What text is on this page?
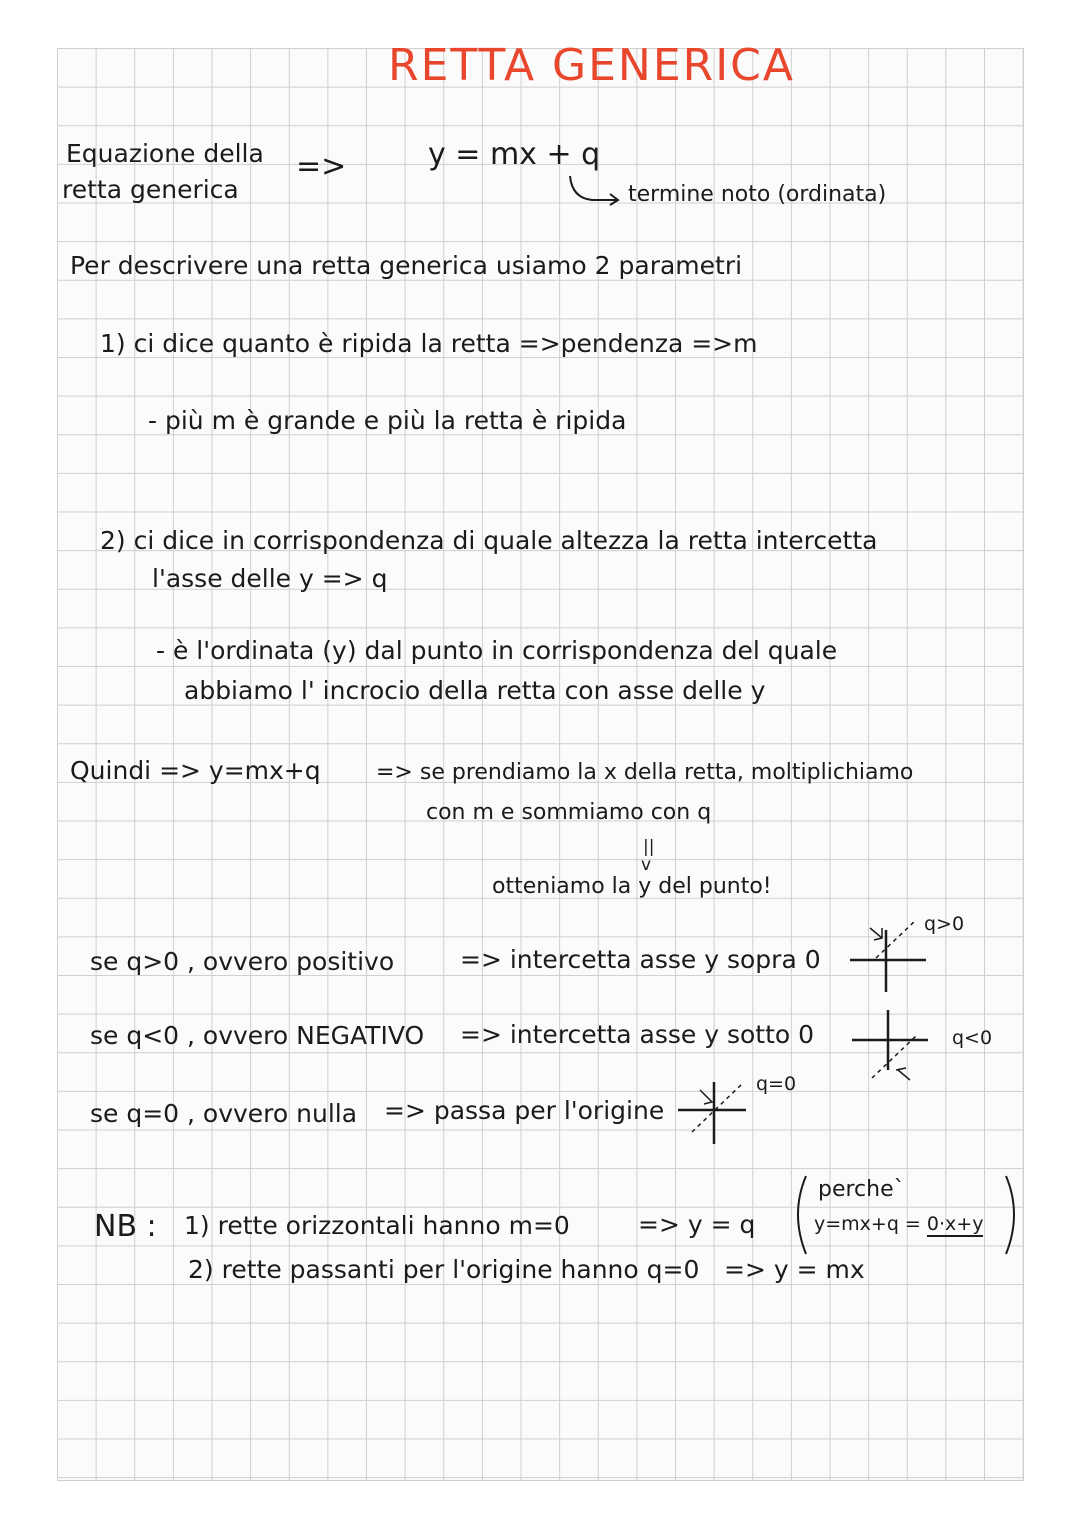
RETTA GENERICA
Equazione della
retta generica
=>	y = mx + q
termine noto (ordinata)
Per descrivere una retta generica usiamo 2 parametri
1) ci dice quanto è ripida la retta =>pendenza =>m
- più m è grande e più la retta è ripida
2) ci dice in corrispondenza di quale altezza la retta intercetta
l'asse delle y => q
- è l'ordinata (y) dal punto in corrispondenza del quale
abbiamo l' incrocio della retta con asse delle y
Quindi => y=mx+q	=> se prendiamo la x della retta, moltiplichiamo
con m e sommiamo con q
||
v
otteniamo la y del punto!
se q>0 , ovvero positivo	=> intercetta asse y sopra 0
q>0
se q<0 , ovvero NEGATIVO => intercetta asse y sotto 0	q<0
se q=0 , ovvero nulla => passa per l'origine
q=0
NB : 1) rette orizzontali hanno m=0	=> y = q
perche`
y=mx+q = 0·x+y
2) rette passanti per l'origine hanno q=0 => y = mx
